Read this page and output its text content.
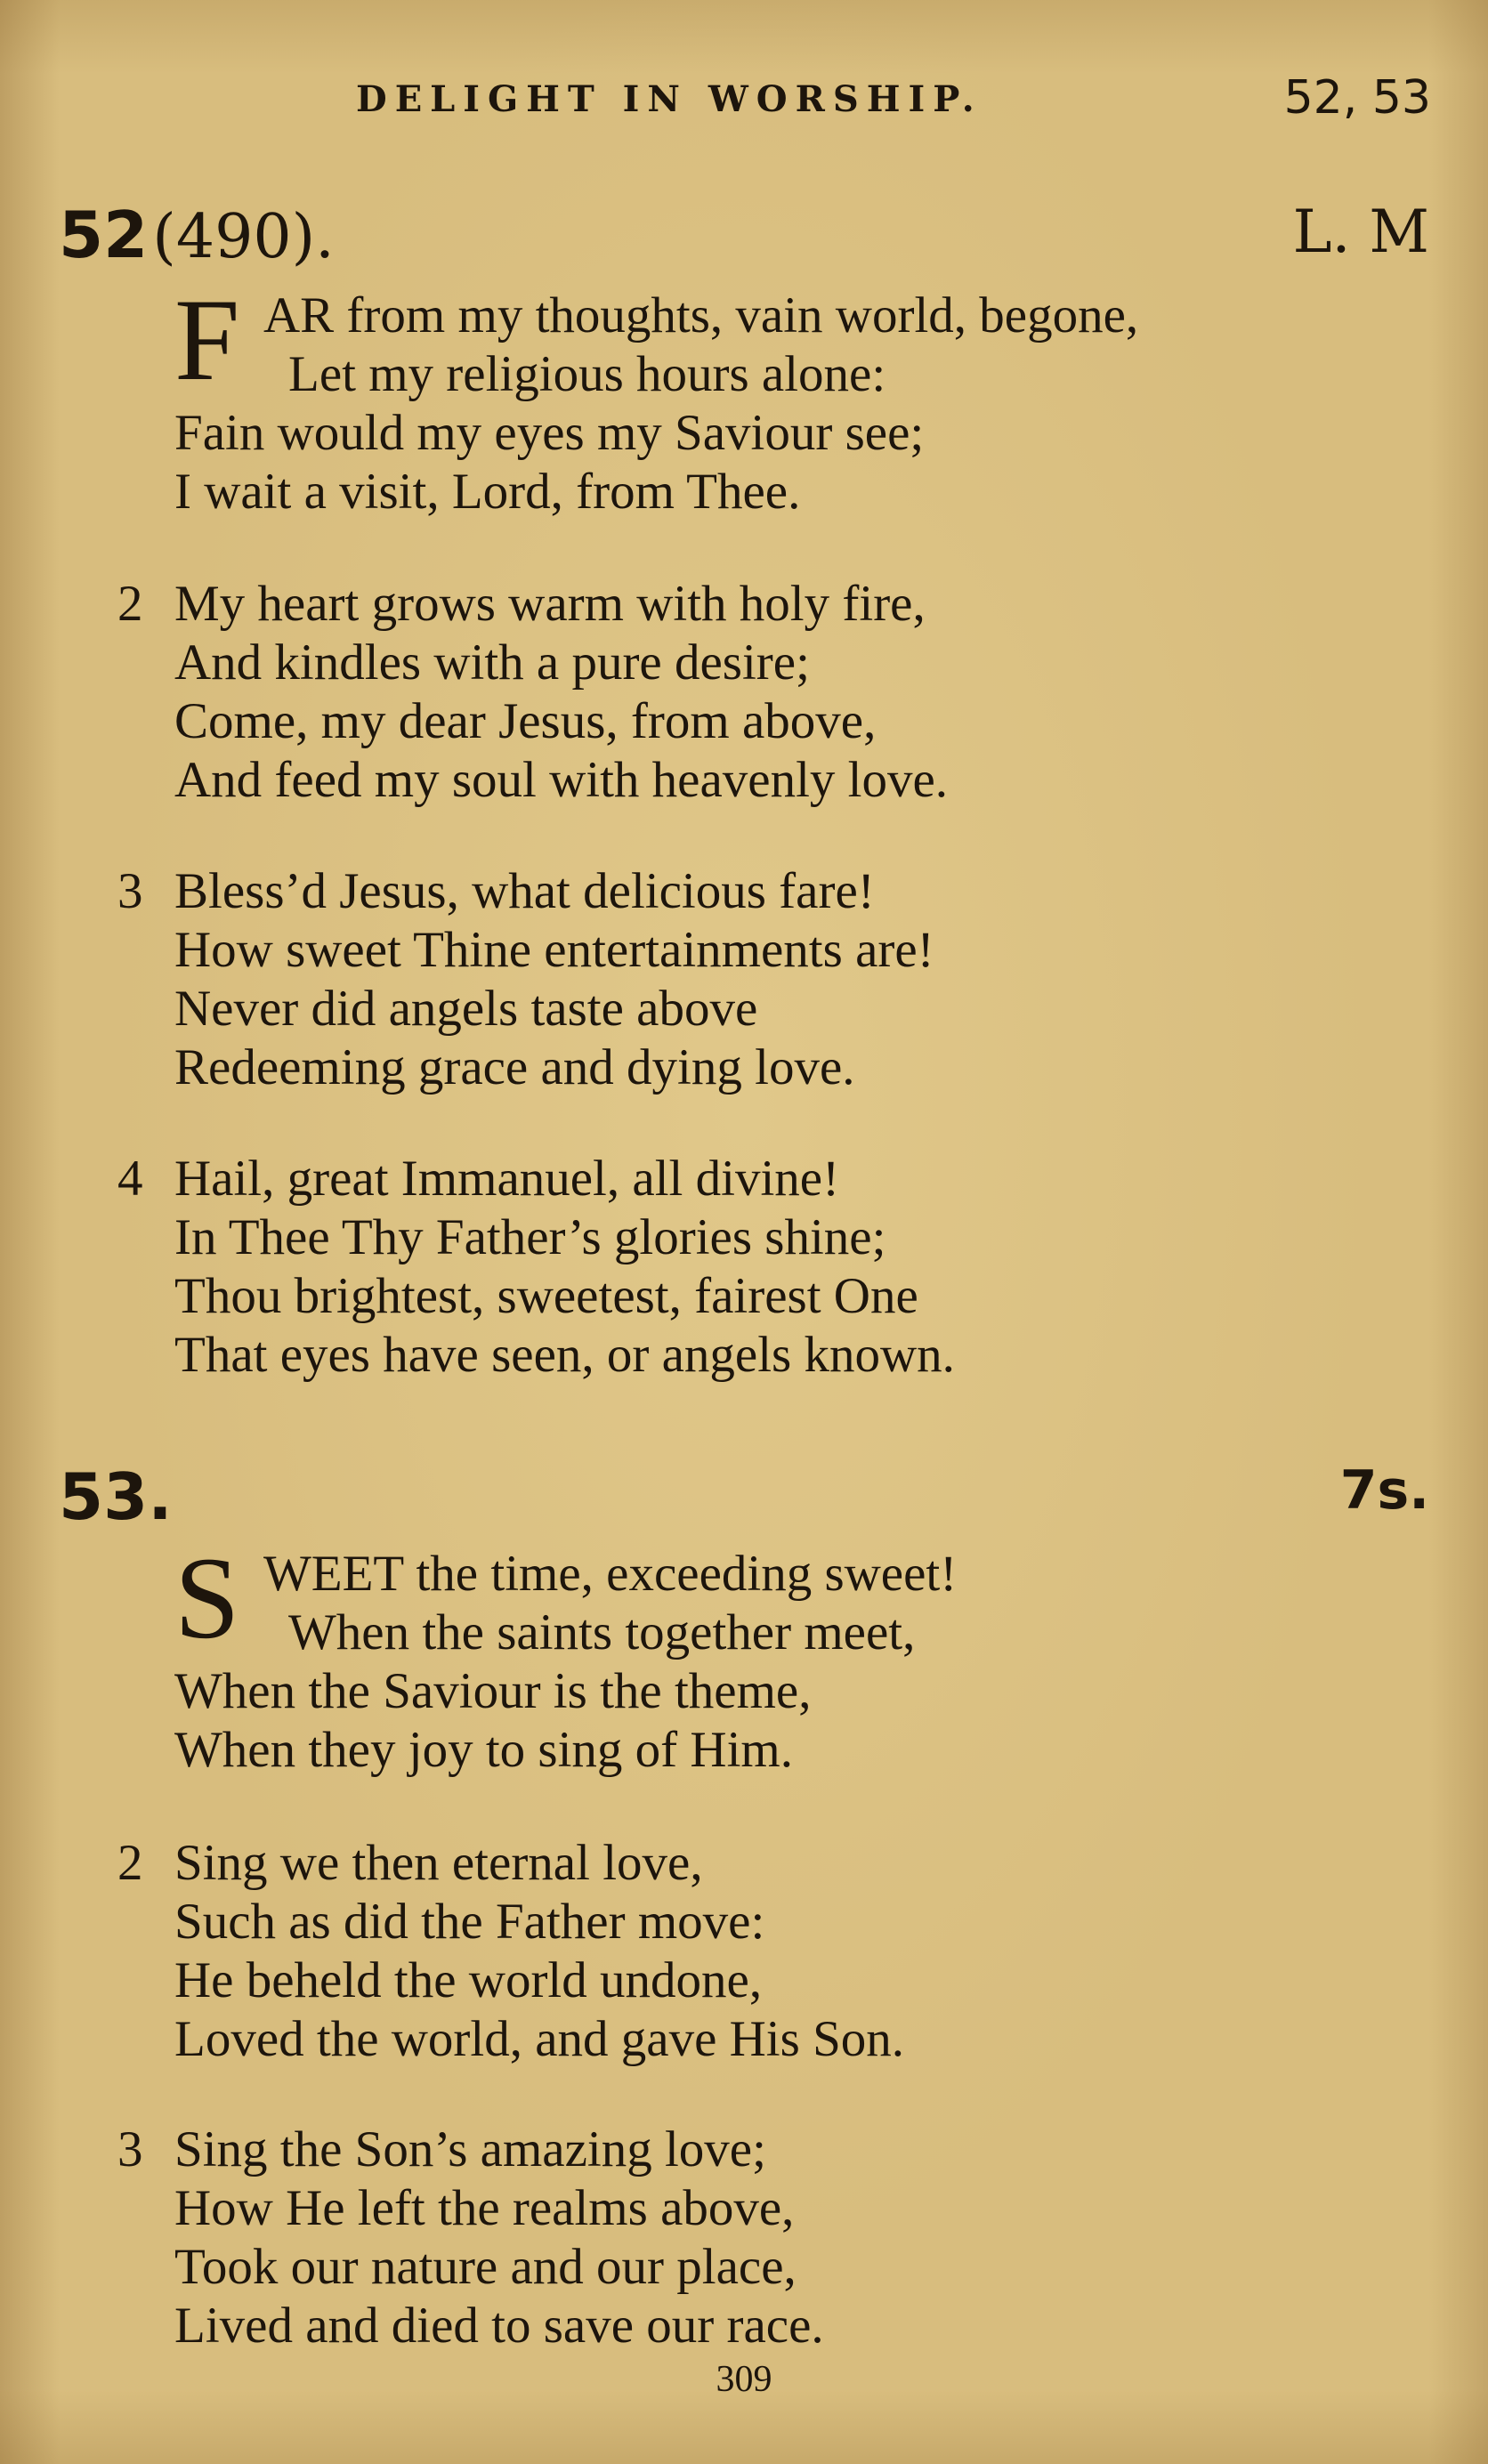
DELIGHT IN WORSHIP.	52, 53
52 (490).	L. M
F AR from my thoughts, vain world, begone,
Let my religious hours alone:
Fain would my eyes my Saviour see;
I wait a visit, Lord, from Thee.
2 My heart grows warm with holy fire,
And kindles with a pure desire;
Come, my dear Jesus, from above,
And feed my soul with heavenly love.
3 Bless’d Jesus, what delicious fare!
How sweet Thine entertainments are!
Never did angels taste above
Redeeming grace and dying love.
4 Hail, great Immanuel, all divine!
In Thee Thy Father’s glories shine;
Thou brightest, sweetest, fairest One
That eyes have seen, or angels known.
53.	7s.
S WEET the time, exceeding sweet!
When the saints together meet,
When the Saviour is the theme,
When they joy to sing of Him.
2 Sing we then eternal love,
Such as did the Father move:
He beheld the world undone,
Loved the world, and gave His Son.
3 Sing the Son’s amazing love;
How He left the realms above,
Took our nature and our place,
Lived and died to save our race.
309
